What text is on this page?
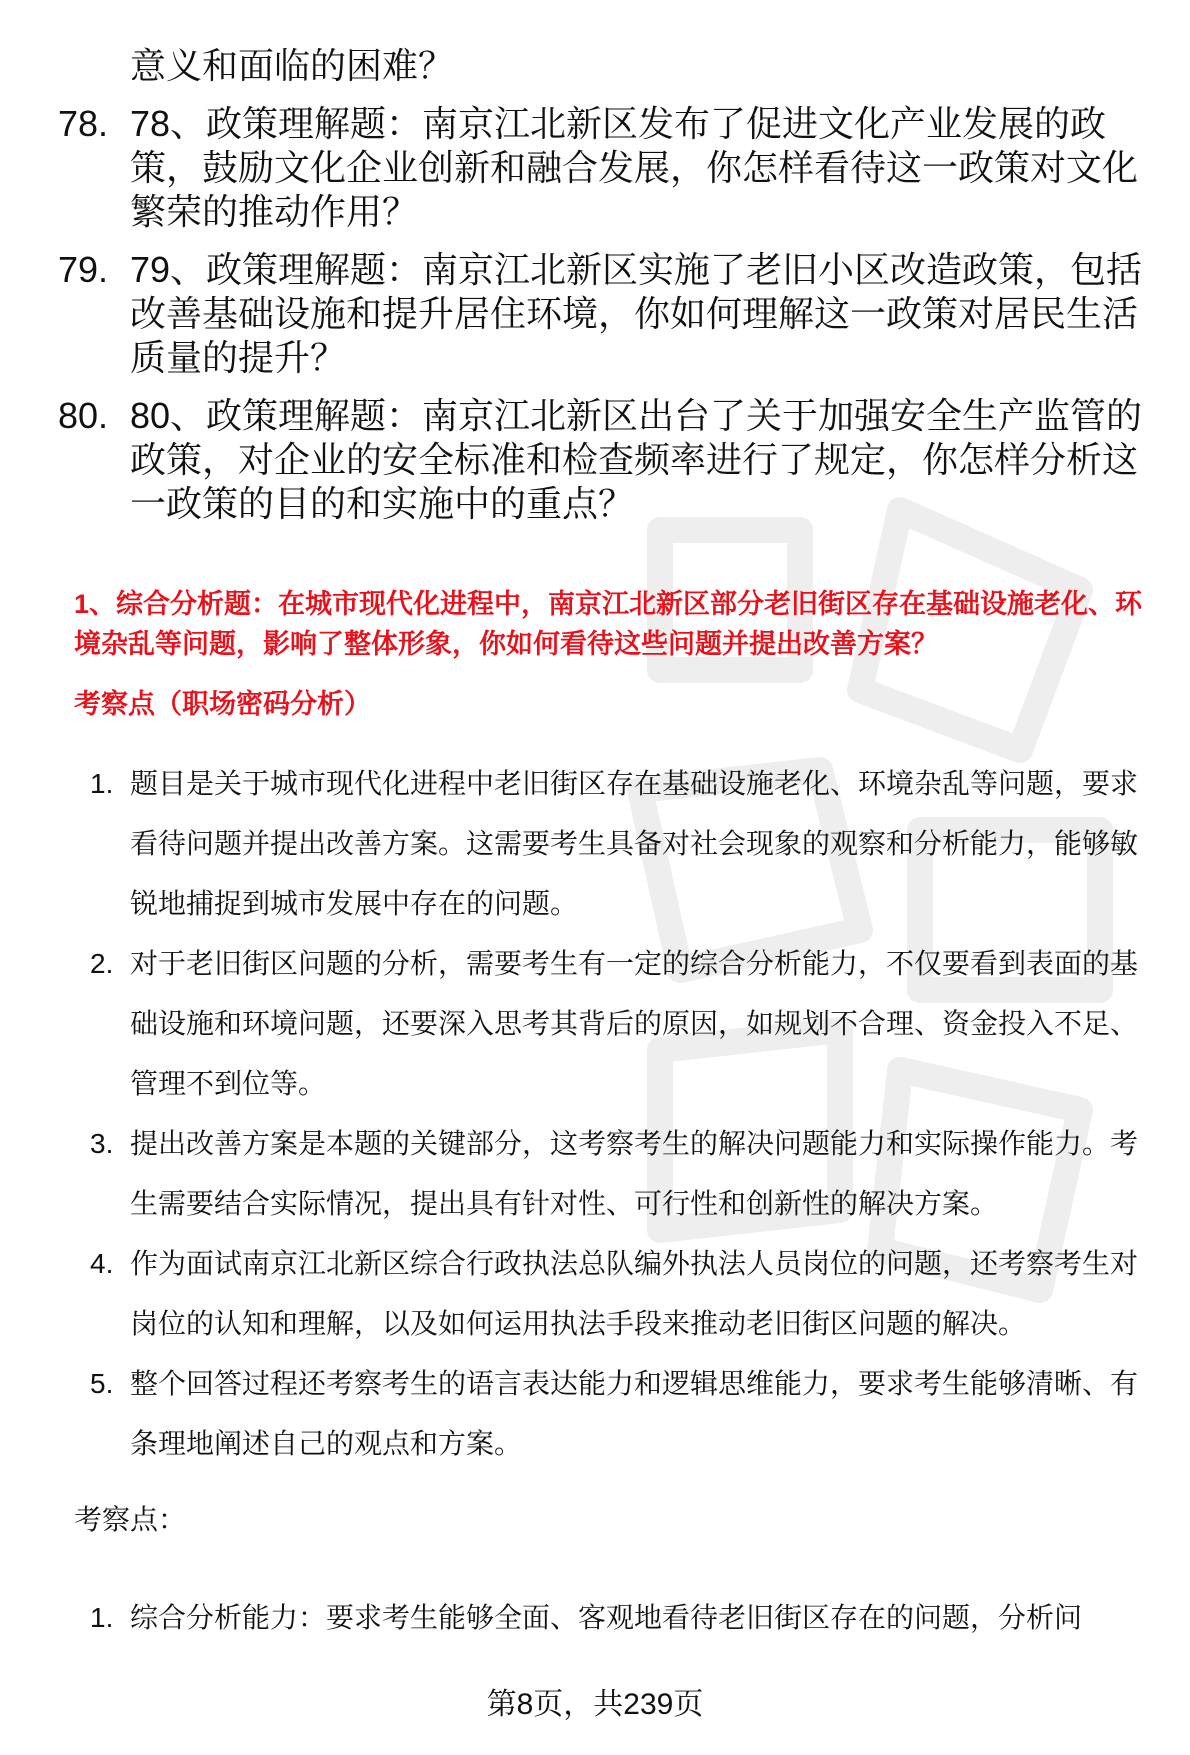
意义和面临的困难？
78. 78、政策理解题：南京江北新区发布了促进文化产业发展的政策，鼓励文化企业创新和融合发展，你怎样看待这一政策对文化繁荣的推动作用？
79. 79、政策理解题：南京江北新区实施了老旧小区改造政策，包括改善基础设施和提升居住环境，你如何理解这一政策对居民生活质量的提升？
80. 80、政策理解题：南京江北新区出台了关于加强安全生产监管的政策，对企业的安全标准和检查频率进行了规定，你怎样分析这一政策的目的和实施中的重点？
1、综合分析题：在城市现代化进程中，南京江北新区部分老旧街区存在基础设施老化、环境杂乱等问题，影响了整体形象，你如何看待这些问题并提出改善方案？
考察点（职场密码分析）
1. 题目是关于城市现代化进程中老旧街区存在基础设施老化、环境杂乱等问题，要求看待问题并提出改善方案。这需要考生具备对社会现象的观察和分析能力，能够敏锐地捕捉到城市发展中存在的问题。
2. 对于老旧街区问题的分析，需要考生有一定的综合分析能力，不仅要看到表面的基础设施和环境问题，还要深入思考其背后的原因，如规划不合理、资金投入不足、管理不到位等。
3. 提出改善方案是本题的关键部分，这考察考生的解决问题能力和实际操作能力。考生需要结合实际情况，提出具有针对性、可行性和创新性的解决方案。
4. 作为面试南京江北新区综合行政执法总队编外执法人员岗位的问题，还考察考生对岗位的认知和理解，以及如何运用执法手段来推动老旧街区问题的解决。
5. 整个回答过程还考察考生的语言表达能力和逻辑思维能力，要求考生能够清晰、有条理地阐述自己的观点和方案。
考察点：
1. 综合分析能力：要求考生能够全面、客观地看待老旧街区存在的问题，分析问
第8页，共239页
